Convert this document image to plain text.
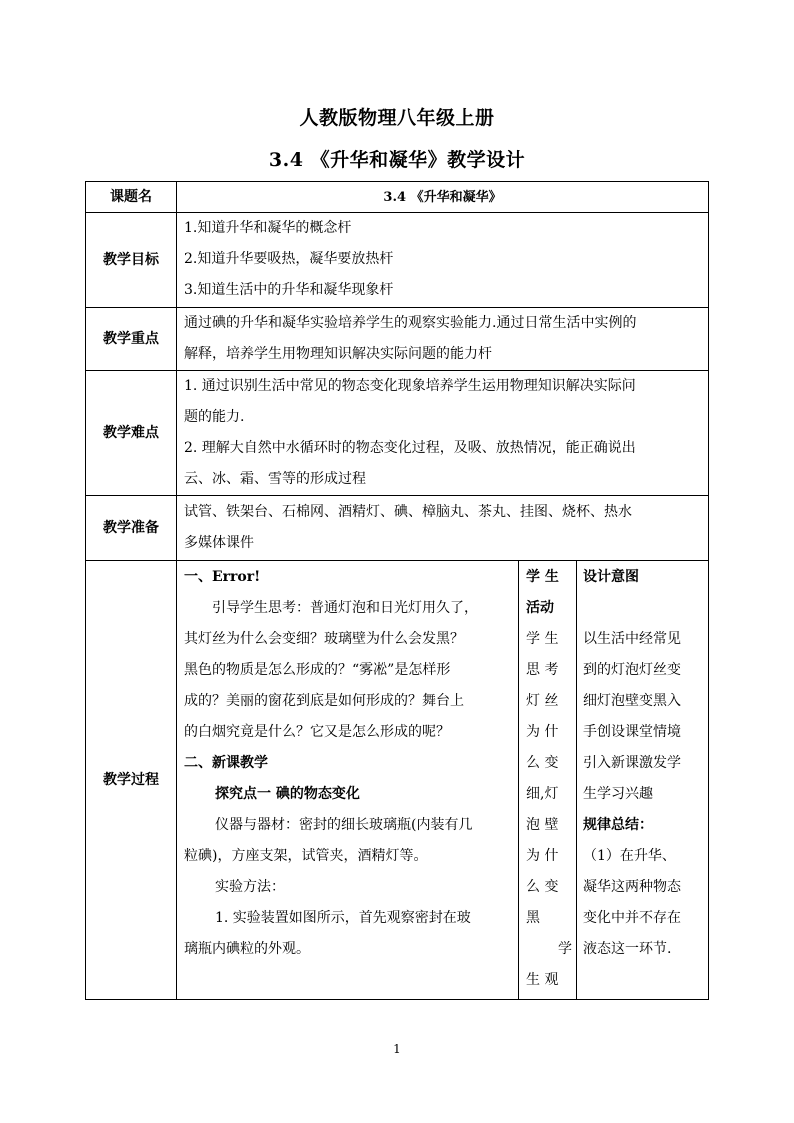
人教版物理八年级上册
3.4 《升华和凝华》教学设计
课题名	3.4 《升华和凝华》
教学目标

1.知道升华和凝华的概念杆

2.知道升华要吸热，凝华要放热杆

3.知道生活中的升华和凝华现象杆

教学重点

通过碘的升华和凝华实验培养学生的观察实验能力.通过日常生活中实例的

解释，培养学生用物理知识解决实际问题的能力杆

教学难点

1. 通过识别生活中常见的物态变化现象培养学生运用物理知识解决实际问

题的能力.

2. 理解大自然中水循环时的物态变化过程，及吸、放热情况，能正确说出

云、冰、霜、雪等的形成过程

教学准备

试管、铁架台、石棉网、酒精灯、碘、樟脑丸、茶丸、挂图、烧杯、热水

多媒体课件

教学过程

一、Error!

引导学生思考：普通灯泡和日光灯用久了，

其灯丝为什么会变细？玻璃壁为什么会发黑？

黑色的物质是怎么形成的？“雾凇”是怎样形

成的？美丽的窗花到底是如何形成的？舞台上

的白烟究竟是什么？它又是怎么形成的呢？

二、新课教学

探究点一 碘的物态变化

仪器与器材：密封的细长玻璃瓶(内装有几

粒碘)，方座支架，试管夹，酒精灯等。

实验方法：

1. 实验装置如图所示，首先观察密封在玻

璃瓶内碘粒的外观。

学 生

活动

学 生

思 考

灯 丝

为 什

么 变

细,灯

泡 壁

为 什

么 变

黑

学

生 观

设计意图

以生活中经常见

到的灯泡灯丝变

细灯泡壁变黑入

手创设课堂情境

引入新课激发学

生学习兴趣

规律总结：

（1）在升华、

凝华这两种物态

变化中并不存在

液态这一环节.

1
